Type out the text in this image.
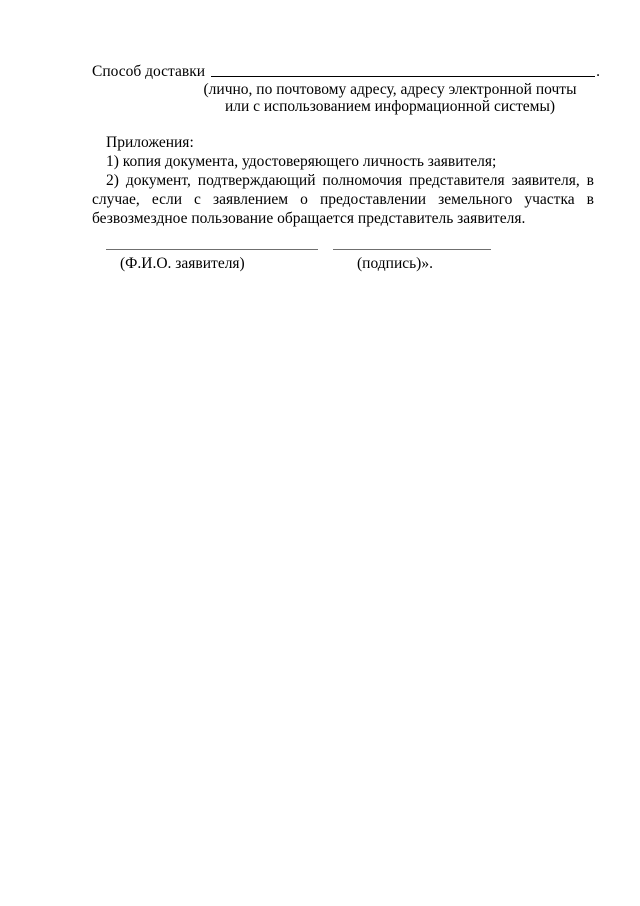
Способ доставки	.
(лично, по почтовому адресу, адресу электронной почты
или с использованием информационной системы)

Приложения:

1) копия документа, удостоверяющего личность заявителя;

2) документ, подтверждающий полномочия представителя заявителя, в случае, если с заявлением о предоставлении земельного участка в безвозмездное пользование обращается представитель заявителя.

(Ф.И.О. заявителя)	(подпись)».
